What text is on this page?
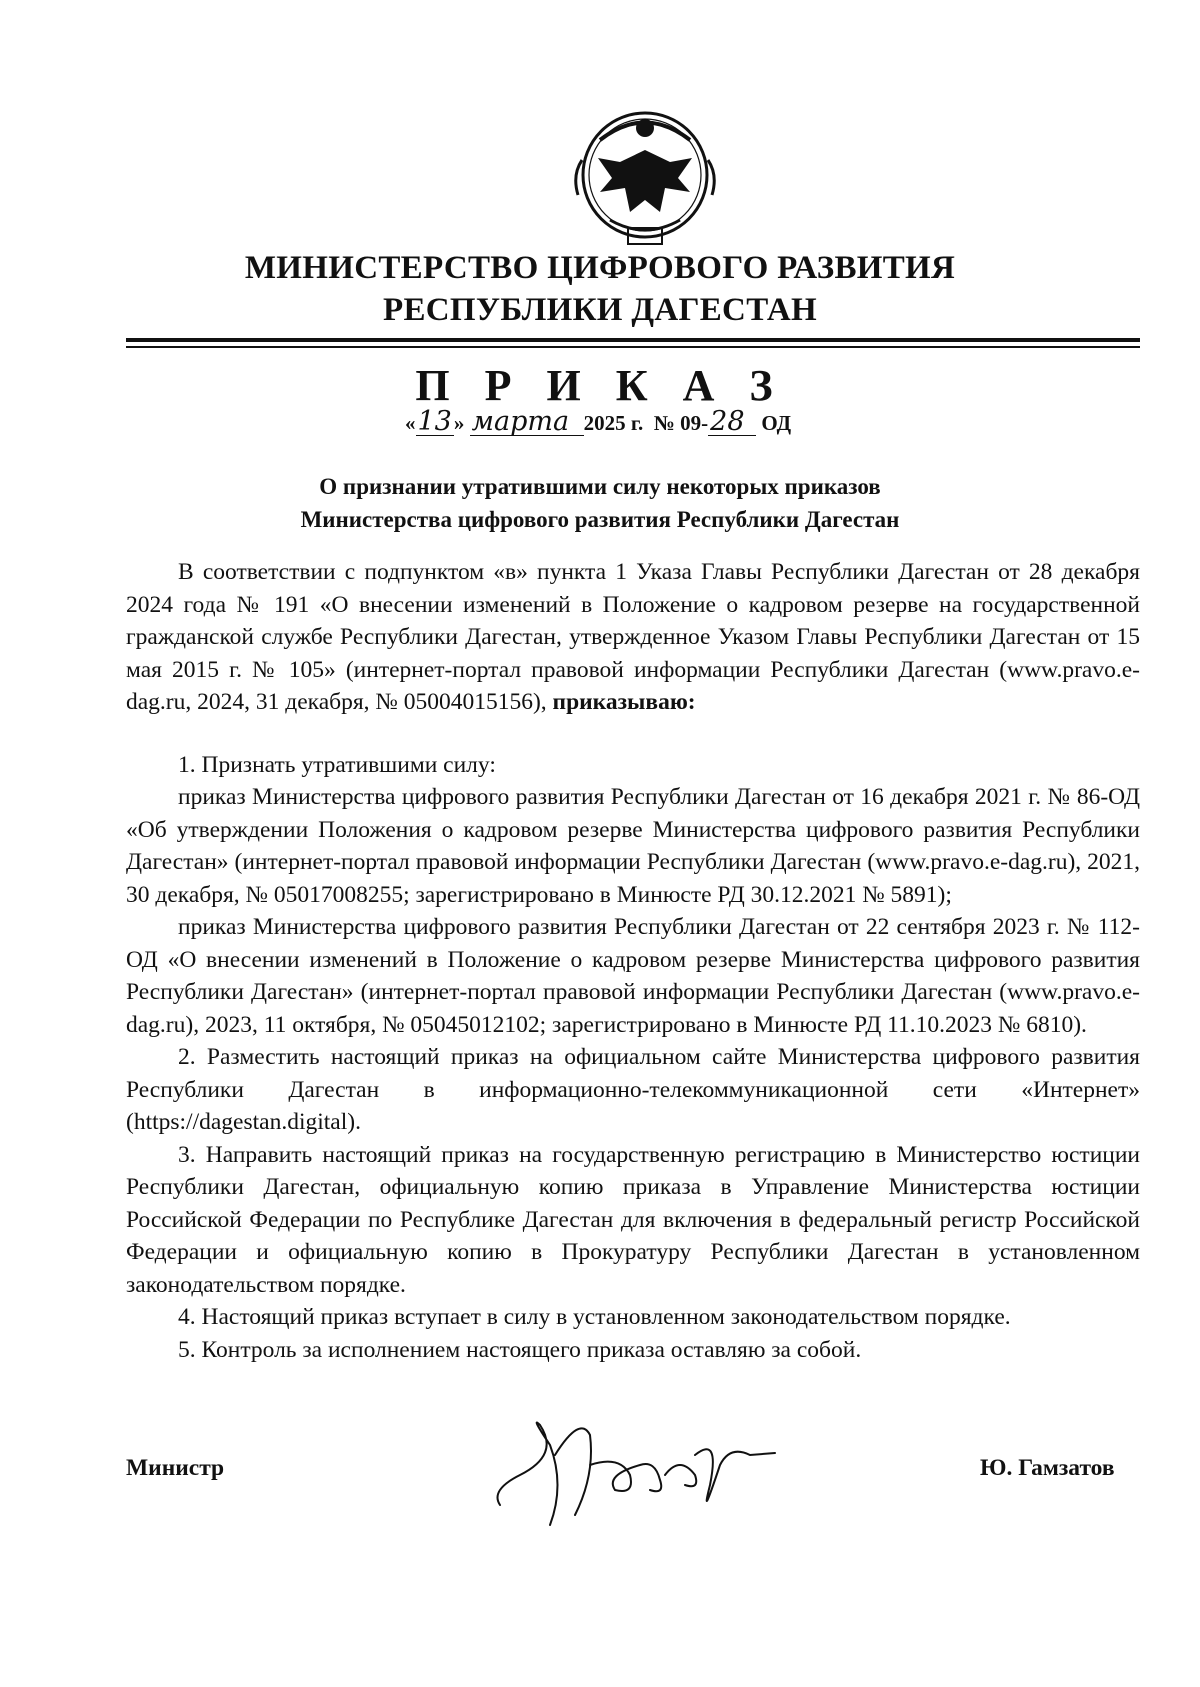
МИНИСТЕРСТВО ЦИФРОВОГО РАЗВИТИЯ
РЕСПУБЛИКИ ДАГЕСТАН
П Р И К А З
«13» марта 2025 г. № 09-28 ОД
О признании утратившими силу некоторых приказов
Министерства цифрового развития Республики Дагестан

В соответствии с подпунктом «в» пункта 1 Указа Главы Республики Дагестан от 28 декабря 2024 года № 191 «О внесении изменений в Положение о кадровом резерве на государственной гражданской службе Республики Дагестан, утвержденное Указом Главы Республики Дагестан от 15 мая 2015 г. № 105» (интернет-портал правовой информации Республики Дагестан (www.pravo.e-dag.ru, 2024, 31 декабря, № 05004015156), приказываю:

1. Признать утратившими силу:

приказ Министерства цифрового развития Республики Дагестан от 16 декабря 2021 г. № 86-ОД «Об утверждении Положения о кадровом резерве Министерства цифрового развития Республики Дагестан» (интернет-портал правовой информации Республики Дагестан (www.pravo.e-dag.ru), 2021, 30 декабря, № 05017008255; зарегистрировано в Минюсте РД 30.12.2021 № 5891);

приказ Министерства цифрового развития Республики Дагестан от 22 сентября 2023 г. № 112-ОД «О внесении изменений в Положение о кадровом резерве Министерства цифрового развития Республики Дагестан» (интернет-портал правовой информации Республики Дагестан (www.pravo.e-dag.ru), 2023, 11 октября, № 05045012102; зарегистрировано в Минюсте РД 11.10.2023 № 6810).

2. Разместить настоящий приказ на официальном сайте Министерства цифрового развития Республики Дагестан в информационно-телекоммуникационной сети «Интернет» (https://dagestan.digital).

3. Направить настоящий приказ на государственную регистрацию в Министерство юстиции Республики Дагестан, официальную копию приказа в Управление Министерства юстиции Российской Федерации по Республике Дагестан для включения в федеральный регистр Российской Федерации и официальную копию в Прокуратуру Республики Дагестан в установленном законодательством порядке.

4. Настоящий приказ вступает в силу в установленном законодательством порядке.

5. Контроль за исполнением настоящего приказа оставляю за собой.

Министр	Ю. Гамзатов
